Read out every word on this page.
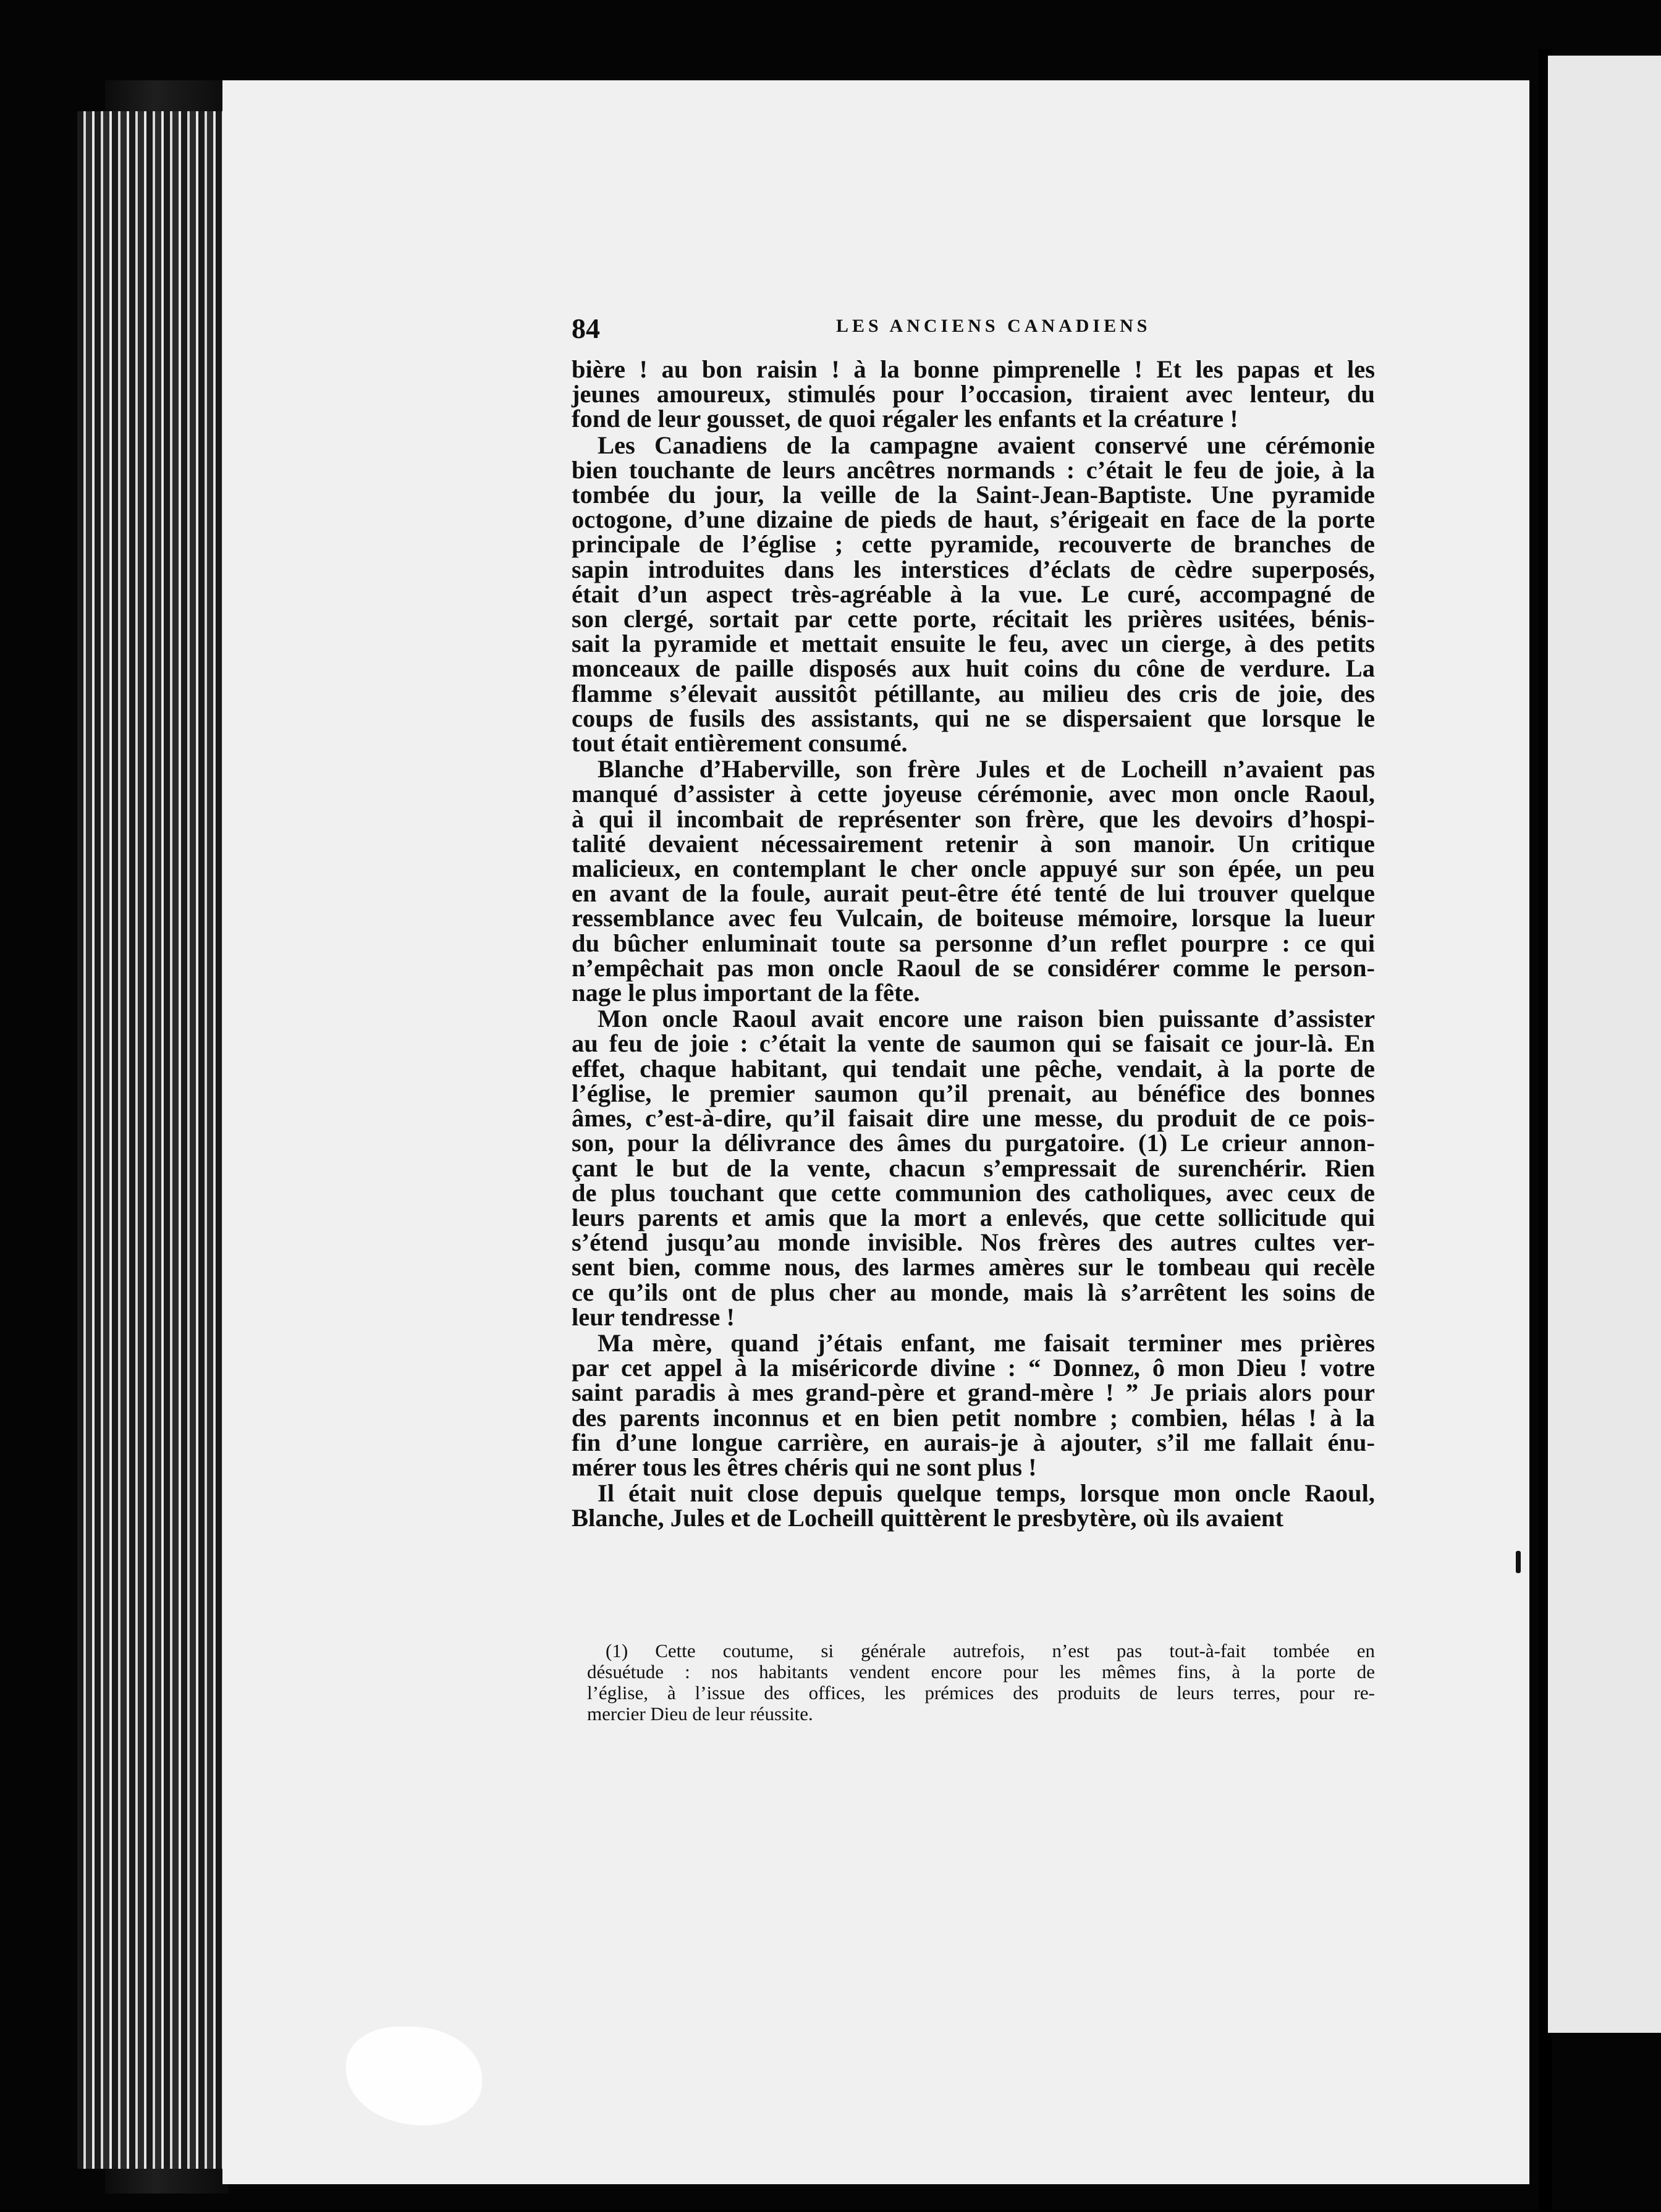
84	LES ANCIENS CANADIENS

bière ! au bon raisin ! à la bonne pimprenelle ! Et les papas et les
jeunes amoureux, stimulés pour l’occasion, tiraient avec lenteur, du
fond de leur gousset, de quoi régaler les enfants et la créature !

Les Canadiens de la campagne avaient conservé une cérémonie
bien touchante de leurs ancêtres normands : c’était le feu de joie, à la
tombée du jour, la veille de la Saint-Jean-Baptiste. Une pyramide
octogone, d’une dizaine de pieds de haut, s’érigeait en face de la porte
principale de l’église ; cette pyramide, recouverte de branches de
sapin introduites dans les interstices d’éclats de cèdre superposés,
était d’un aspect très-agréable à la vue. Le curé, accompagné de
son clergé, sortait par cette porte, récitait les prières usitées, bénis-
sait la pyramide et mettait ensuite le feu, avec un cierge, à des petits
monceaux de paille disposés aux huit coins du cône de verdure. La
flamme s’élevait aussitôt pétillante, au milieu des cris de joie, des
coups de fusils des assistants, qui ne se dispersaient que lorsque le
tout était entièrement consumé.

Blanche d’Haberville, son frère Jules et de Locheill n’avaient pas
manqué d’assister à cette joyeuse cérémonie, avec mon oncle Raoul,
à qui il incombait de représenter son frère, que les devoirs d’hospi-
talité devaient nécessairement retenir à son manoir. Un critique
malicieux, en contemplant le cher oncle appuyé sur son épée, un peu
en avant de la foule, aurait peut-être été tenté de lui trouver quelque
ressemblance avec feu Vulcain, de boiteuse mémoire, lorsque la lueur
du bûcher enluminait toute sa personne d’un reflet pourpre : ce qui
n’empêchait pas mon oncle Raoul de se considérer comme le person-
nage le plus important de la fête.

Mon oncle Raoul avait encore une raison bien puissante d’assister
au feu de joie : c’était la vente de saumon qui se faisait ce jour-là. En
effet, chaque habitant, qui tendait une pêche, vendait, à la porte de
l’église, le premier saumon qu’il prenait, au bénéfice des bonnes
âmes, c’est-à-dire, qu’il faisait dire une messe, du produit de ce pois-
son, pour la délivrance des âmes du purgatoire. (1) Le crieur annon-
çant le but de la vente, chacun s’empressait de surenchérir. Rien
de plus touchant que cette communion des catholiques, avec ceux de
leurs parents et amis que la mort a enlevés, que cette sollicitude qui
s’étend jusqu’au monde invisible. Nos frères des autres cultes ver-
sent bien, comme nous, des larmes amères sur le tombeau qui recèle
ce qu’ils ont de plus cher au monde, mais là s’arrêtent les soins de
leur tendresse !

Ma mère, quand j’étais enfant, me faisait terminer mes prières
par cet appel à la miséricorde divine : “ Donnez, ô mon Dieu ! votre
saint paradis à mes grand-père et grand-mère ! ” Je priais alors pour
des parents inconnus et en bien petit nombre ; combien, hélas ! à la
fin d’une longue carrière, en aurais-je à ajouter, s’il me fallait énu-
mérer tous les êtres chéris qui ne sont plus !

Il était nuit close depuis quelque temps, lorsque mon oncle Raoul,
Blanche, Jules et de Locheill quittèrent le presbytère, où ils avaient

(1) Cette coutume, si générale autrefois, n’est pas tout-à-fait tombée en
désuétude : nos habitants vendent encore pour les mêmes fins, à la porte de
l’église, à l’issue des offices, les prémices des produits de leurs terres, pour re-
mercier Dieu de leur réussite.
